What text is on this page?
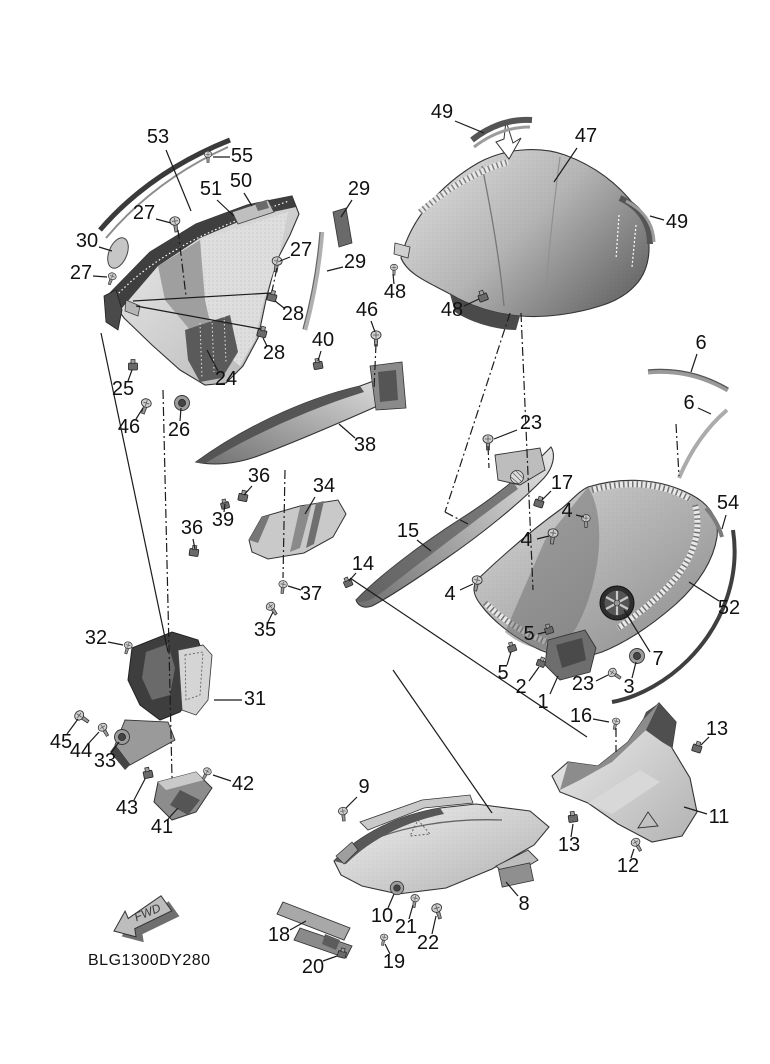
FWD
49
47
53
55
50
51	29
27	49
30	27
29
27
48
46	48
28
40	6
28
24
6
25
46 26
38
23
17
34
4	54
36
39
36	15	4
14
37
52
4
35
32	5
7
5
2 23 3
1
31
16
13
45
44 33
11
43
42
41
9
13
12
8
18
10 21
22
20	19
BLG1300DY280
